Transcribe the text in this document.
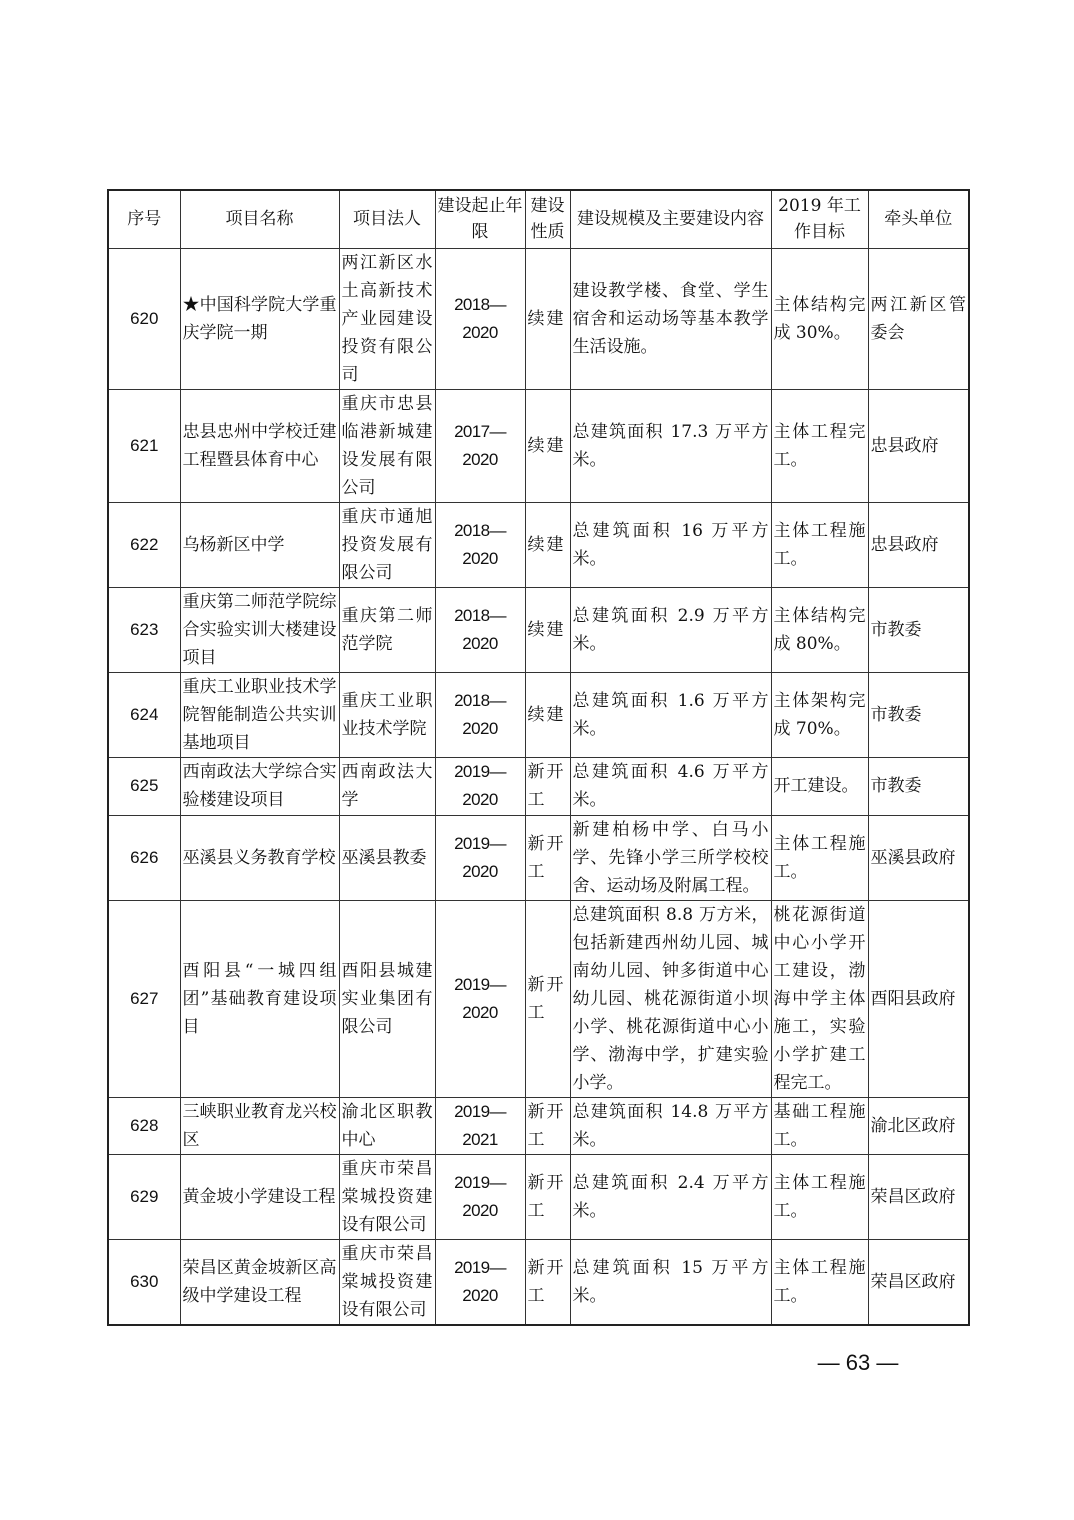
序号	项目名称	项目法人	建设起止年限	建设性质	建设规模及主要建设内容	2019 年工作目标	牵头单位
620	★中国科学院大学重庆学院一期	两江新区水土高新技术产业园建设投资有限公司	2018—2020	续建	建设教学楼、食堂、学生宿舍和运动场等基本教学生活设施。	主体结构完成 30%。	两江新区管委会
621	忠县忠州中学校迁建工程暨县体育中心	重庆市忠县临港新城建设发展有限公司	2017—2020	续建	总建筑面积 17.3 万平方米。	主体工程完工。	忠县政府
622	乌杨新区中学	重庆市通旭投资发展有限公司	2018—2020	续建	总建筑面积 16 万平方米。	主体工程施工。	忠县政府
623	重庆第二师范学院综合实验实训大楼建设项目	重庆第二师范学院	2018—2020	续建	总建筑面积 2.9 万平方米。	主体结构完成 80%。	市教委
624	重庆工业职业技术学院智能制造公共实训基地项目	重庆工业职业技术学院	2018—2020	续建	总建筑面积 1.6 万平方米。	主体架构完成 70%。	市教委
625	西南政法大学综合实验楼建设项目	西南政法大学	2019—2020	新开工	总建筑面积 4.6 万平方米。	开工建设。	市教委
626	巫溪县义务教育学校	巫溪县教委	2019—2020	新开工	新建柏杨中学、白马小学、先锋小学三所学校校舍、运动场及附属工程。	主体工程施工。	巫溪县政府
627	酉阳县“一城四组团”基础教育建设项目	酉阳县城建实业集团有限公司	2019—2020	新开工	总建筑面积 8.8 万方米，包括新建西州幼儿园、城南幼儿园、钟多街道中心幼儿园、桃花源街道小坝小学、桃花源街道中心小学、渤海中学，扩建实验小学。	桃花源街道中心小学开工建设，渤海中学主体施工，实验小学扩建工程完工。	酉阳县政府
628	三峡职业教育龙兴校区	渝北区职教中心	2019—2021	新开工	总建筑面积 14.8 万平方米。	基础工程施工。	渝北区政府
629	黄金坡小学建设工程	重庆市荣昌棠城投资建设有限公司	2019—2020	新开工	总建筑面积 2.4 万平方米。	主体工程施工。	荣昌区政府
630	荣昌区黄金坡新区高级中学建设工程	重庆市荣昌棠城投资建设有限公司	2019—2020	新开工	总建筑面积 15 万平方米。	主体工程施工。	荣昌区政府
— 63 —
